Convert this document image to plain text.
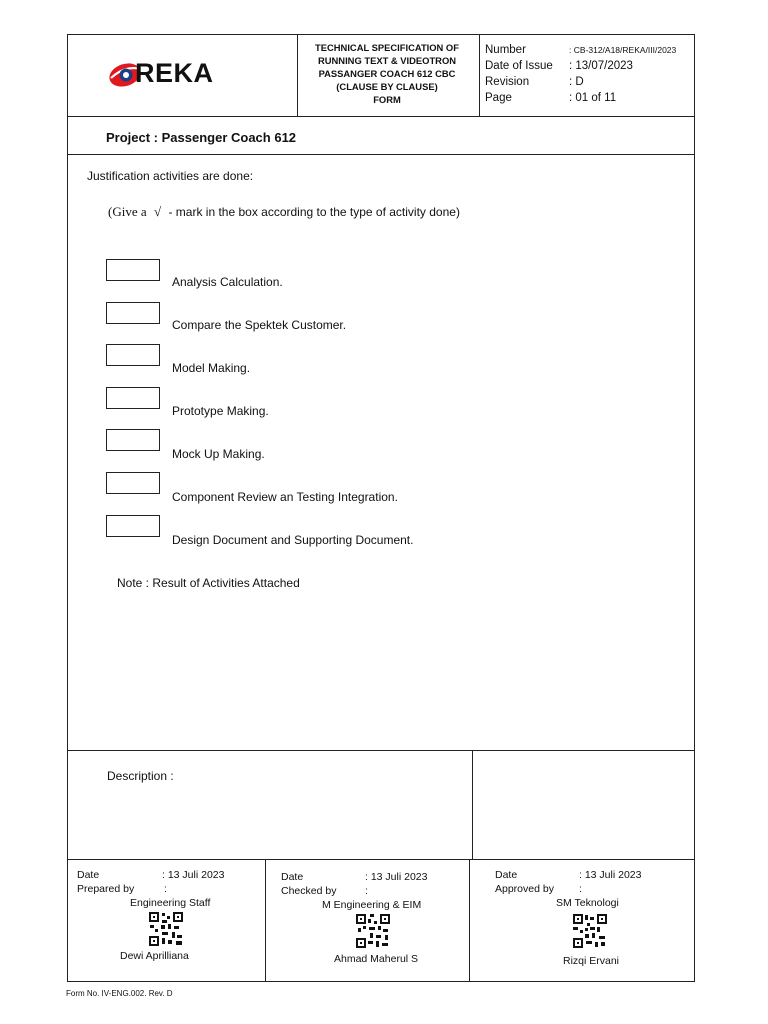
REKA
TECHNICAL SPECIFICATION OF
RUNNING TEXT & VIDEOTRON
PASSANGER COACH 612 CBC
(CLAUSE BY CLAUSE)
FORM
Number	: CB-312/A18/REKA/III/2023
Date of Issue : 13/07/2023
Revision	: D
Page	: 01 of 11
Project : Passenger Coach 612
Justification activities are done:
(Give a √ - mark in the box according to the type of activity done)
Analysis Calculation.
Compare the Spektek Customer.
Model Making.
Prototype Making.
Mock Up Making.
Component Review an Testing Integration.
Design Document and Supporting Document.
Note : Result of Activities Attached
Description :
Date	: 13 Juli 2023
Prepared by	:
Engineering Staff
Dewi Aprilliana
Date	: 13 Juli 2023
Checked by	:
M Engineering & EIM
Ahmad Maherul S
Date	: 13 Juli 2023
Approved by :
SM Teknologi
Rizqi Ervani
Form No. IV-ENG.002. Rev. D
